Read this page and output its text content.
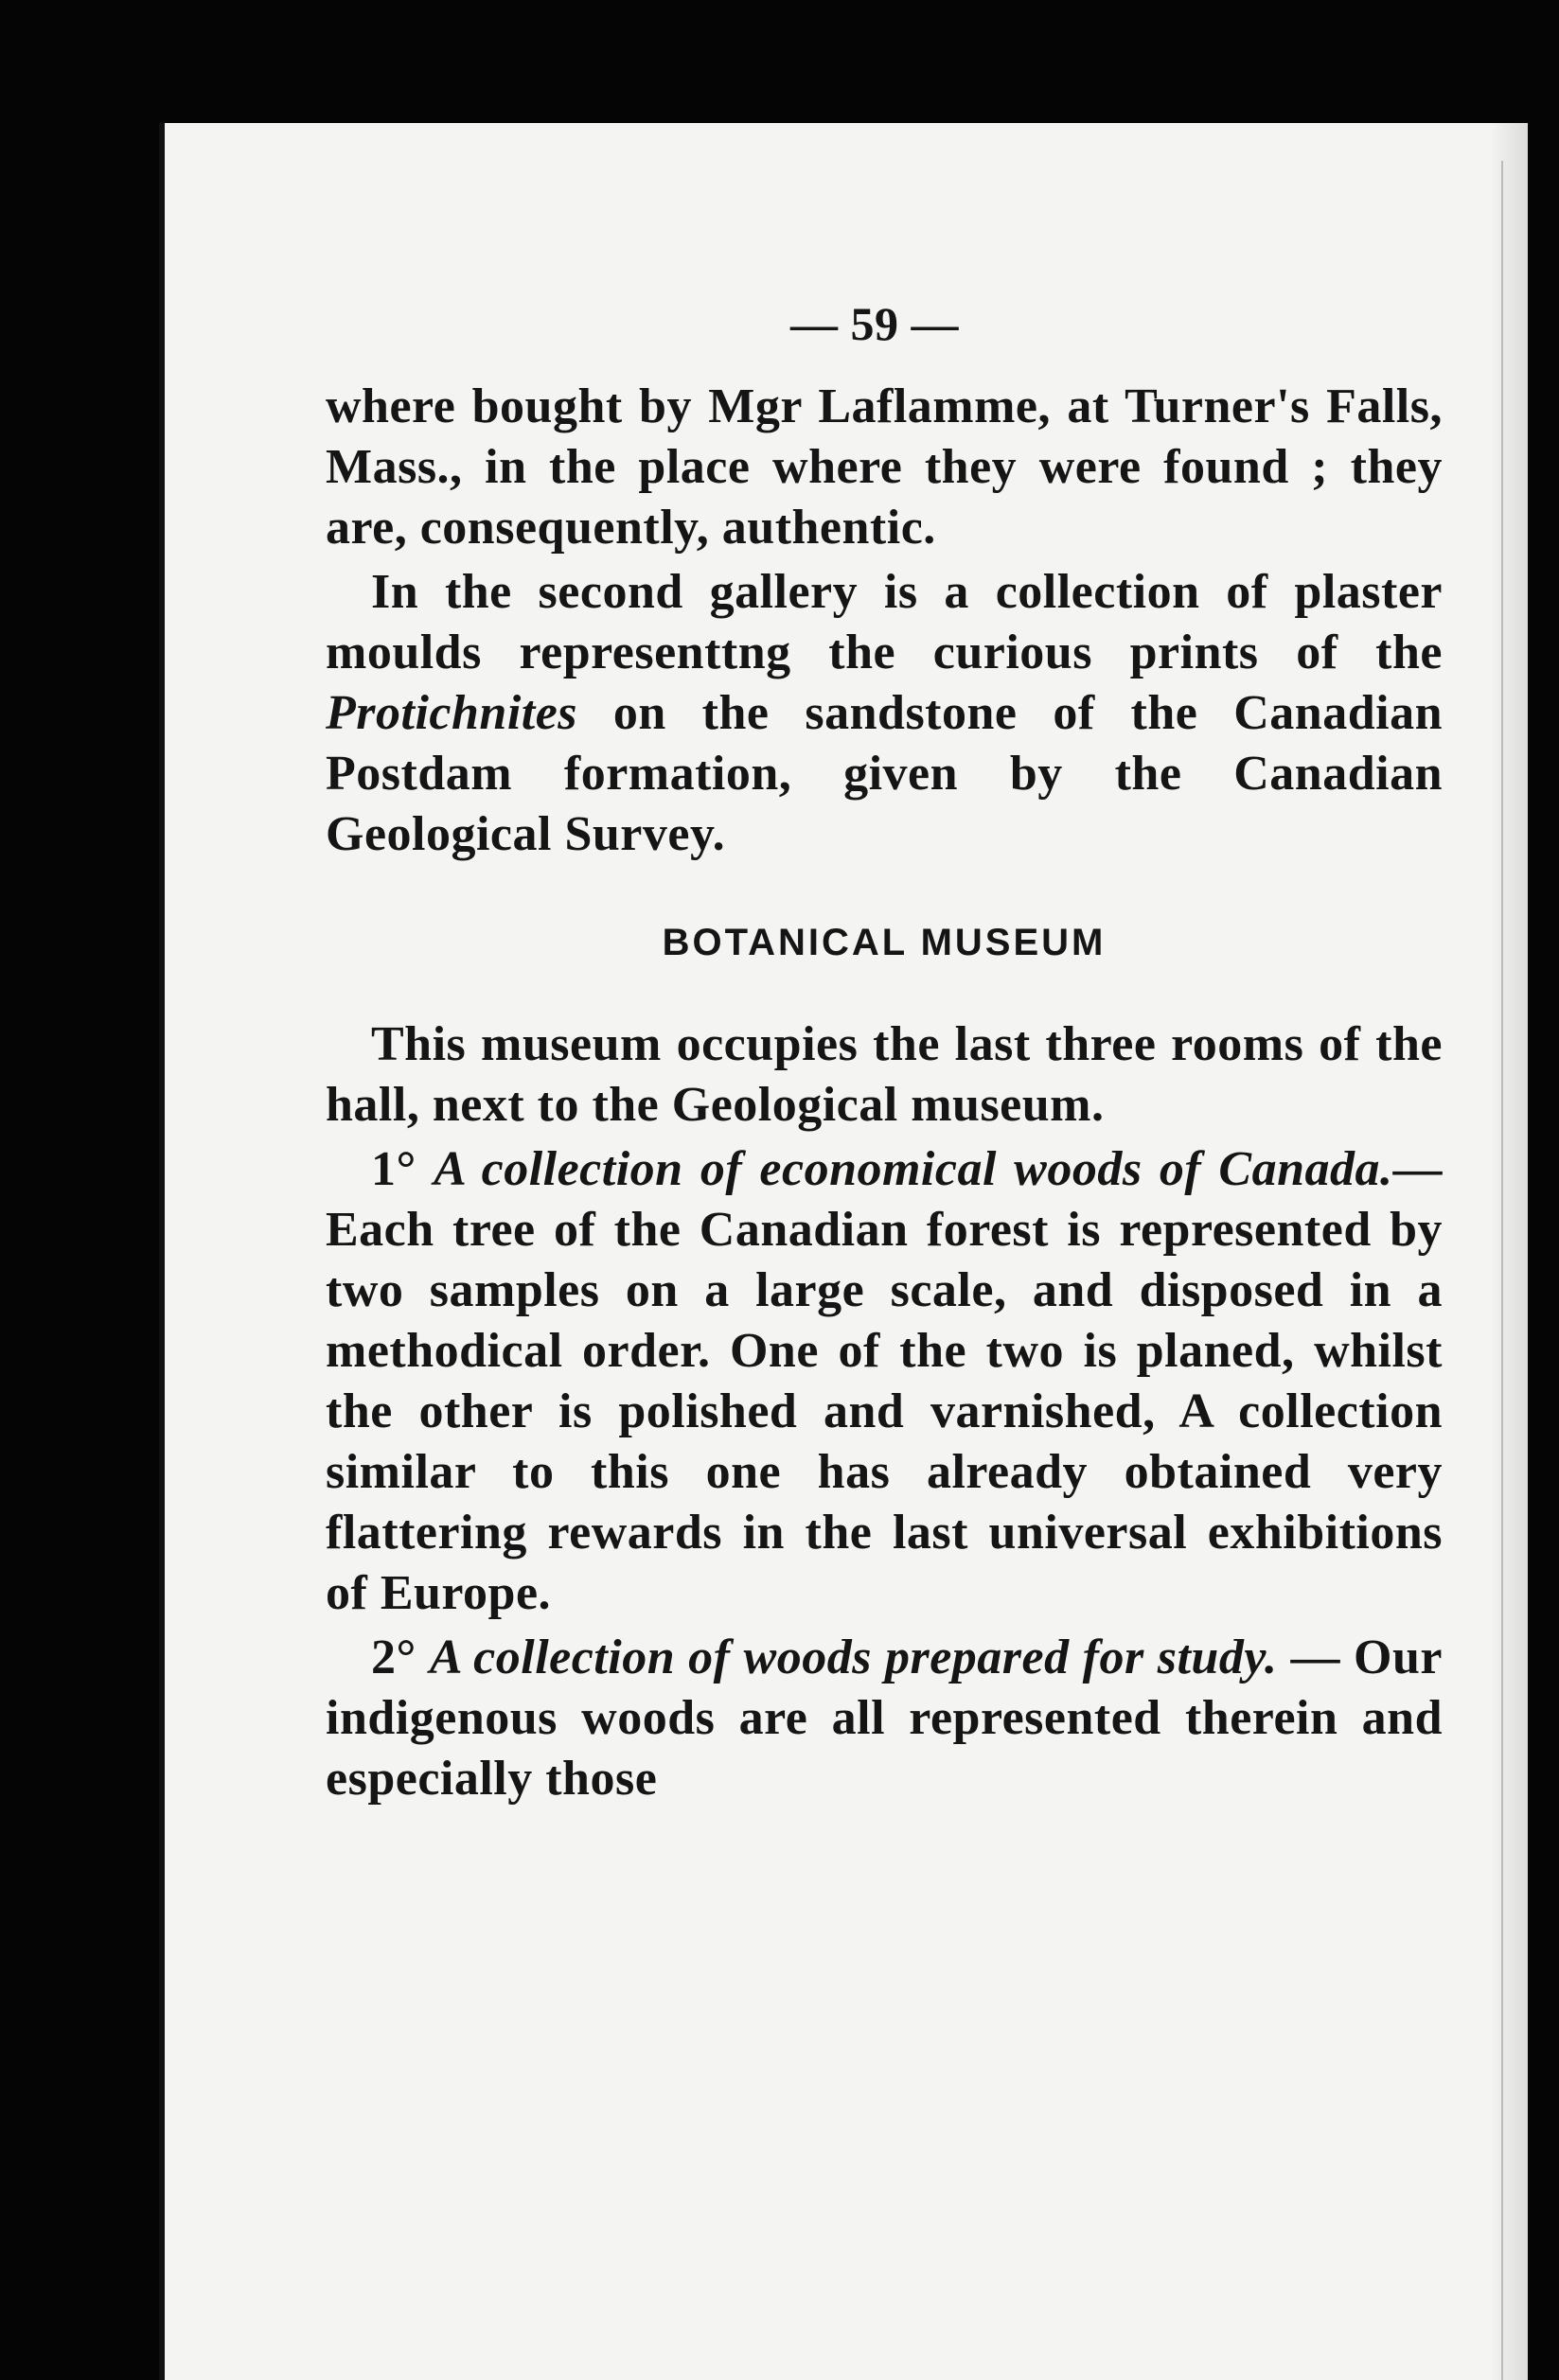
— 59 —

where bought by Mgr Laflamme, at Turner's Falls, Mass., in the place where they were found ; they are, consequently, authentic.

In the second gallery is a collection of plaster moulds representtng the curious prints of the Protichnites on the sandstone of the Canadian Postdam formation, given by the Canadian Geological Survey.

BOTANICAL MUSEUM

This museum occupies the last three rooms of the hall, next to the Geological museum.

1° A collection of economical woods of Canada.—Each tree of the Canadian forest is represented by two samples on a large scale, and disposed in a methodical order. One of the two is planed, whilst the other is polished and varnished, A collection similar to this one has already obtained very flattering rewards in the last universal exhibitions of Europe.

2° A collection of woods prepared for study. — Our indigenous woods are all represented therein and especially those
